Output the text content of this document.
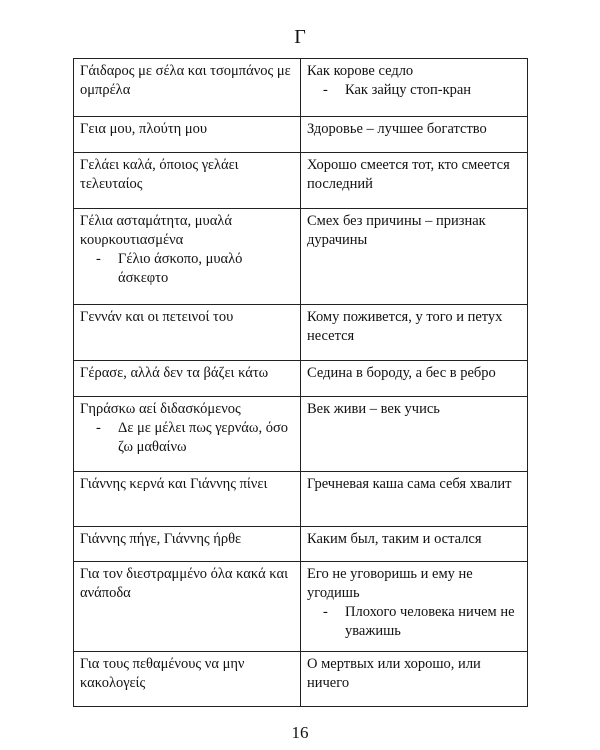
Γ
Γάιδαρος με σέλα και τσομπάνος με ομπρέλα	Как корове седло
- Как зайцу стоп-кран

Γεια μου, πλούτη μου	Здоровье – лучшее богатство
Γελάει καλά, όποιος γελάει τελευταίος	Хорошо смеется тот, кто смеется последний
Γέλια ασταμάτητα, μυαλά κουρκουτιασμένα
- Γέλιο άσκοπο, μυαλό άσκεφτο	Смех без причины – признак дурачины
Γεννάν και οι πετεινοί του	Кому поживется, у того и петух несется
Γέρασε, αλλά δεν τα βάζει κάτω	Седина в бороду, а бес в ребро
Γηράσκω αεί διδασκόμενος
- Δε με μέλει πως γερνάω, όσο ζω μαθαίνω	Век живи – век учись
Γιάννης κερνά και Γιάννης πίνει	Гречневая каша сама себя хвалит
Γιάννης πήγε, Γιάννης ήρθε	Каким был, таким и остался
Για τον διεστραμμένο όλα κακά και ανάποδα	Его не уговоришь и ему не угодишь
- Плохого человека ничем не уважишь

Για τους πεθαμένους να μην κακολογείς	О мертвых или хорошо, или ничего
16
